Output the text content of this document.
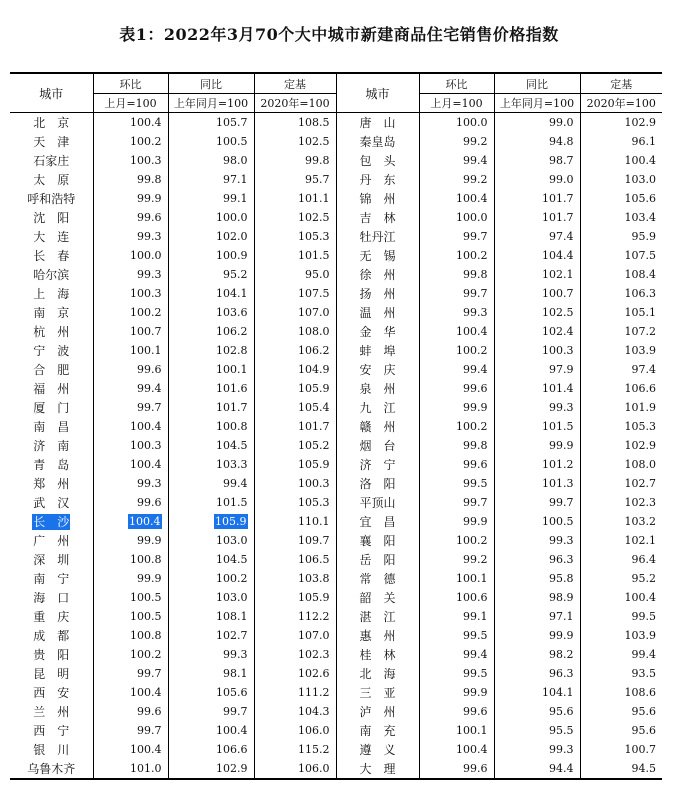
表1：2022年3月70个大中城市新建商品住宅销售价格指数
城市	环比	同比	定基	城市	环比	同比	定基
	上月=100	上年同月=100	2020年=100		上月=100	上年同月=100	2020年=100
北　京	100.4	105.7	108.5	唐　山	100.0	99.0	102.9
天　津	100.2	100.5	102.5	秦皇岛	99.2	94.8	96.1
石家庄	100.3	98.0	99.8	包　头	99.4	98.7	100.4
太　原	99.8	97.1	95.7	丹　东	99.2	99.0	103.0
呼和浩特	99.9	99.1	101.1	锦　州	100.4	101.7	105.6
沈　阳	99.6	100.0	102.5	吉　林	100.0	101.7	103.4
大　连	99.3	102.0	105.3	牡丹江	99.7	97.4	95.9
长　春	100.0	100.9	101.5	无　锡	100.2	104.4	107.5
哈尔滨	99.3	95.2	95.0	徐　州	99.8	102.1	108.4
上　海	100.3	104.1	107.5	扬　州	99.7	100.7	106.3
南　京	100.2	103.6	107.0	温　州	99.3	102.5	105.1
杭　州	100.7	106.2	108.0	金　华	100.4	102.4	107.2
宁　波	100.1	102.8	106.2	蚌　埠	100.2	100.3	103.9
合　肥	99.6	100.1	104.9	安　庆	99.4	97.9	97.4
福　州	99.4	101.6	105.9	泉　州	99.6	101.4	106.6
厦　门	99.7	101.7	105.4	九　江	99.9	99.3	101.9
南　昌	100.4	100.8	101.7	赣　州	100.2	101.5	105.3
济　南	100.3	104.5	105.2	烟　台	99.8	99.9	102.9
青　岛	100.4	103.3	105.9	济　宁	99.6	101.2	108.0
郑　州	99.3	99.4	100.3	洛　阳	99.5	101.3	102.7
武　汉	99.6	101.5	105.3	平顶山	99.7	99.7	102.3
长　沙	100.4	105.9	110.1	宜　昌	99.9	100.5	103.2
广　州	99.9	103.0	109.7	襄　阳	100.2	99.3	102.1
深　圳	100.8	104.5	106.5	岳　阳	99.2	96.3	96.4
南　宁	99.9	100.2	103.8	常　德	100.1	95.8	95.2
海　口	100.5	103.0	105.9	韶　关	100.6	98.9	100.4
重　庆	100.5	108.1	112.2	湛　江	99.1	97.1	99.5
成　都	100.8	102.7	107.0	惠　州	99.5	99.9	103.9
贵　阳	100.2	99.3	102.3	桂　林	99.4	98.2	99.4
昆　明	99.7	98.1	102.6	北　海	99.5	96.3	93.5
西　安	100.4	105.6	111.2	三　亚	99.9	104.1	108.6
兰　州	99.6	99.7	104.3	泸　州	99.6	95.6	95.6
西　宁	99.7	100.4	106.0	南　充	100.1	95.5	95.6
银　川	100.4	106.6	115.2	遵　义	100.4	99.3	100.7
乌鲁木齐	101.0	102.9	106.0	大　理	99.6	94.4	94.5
